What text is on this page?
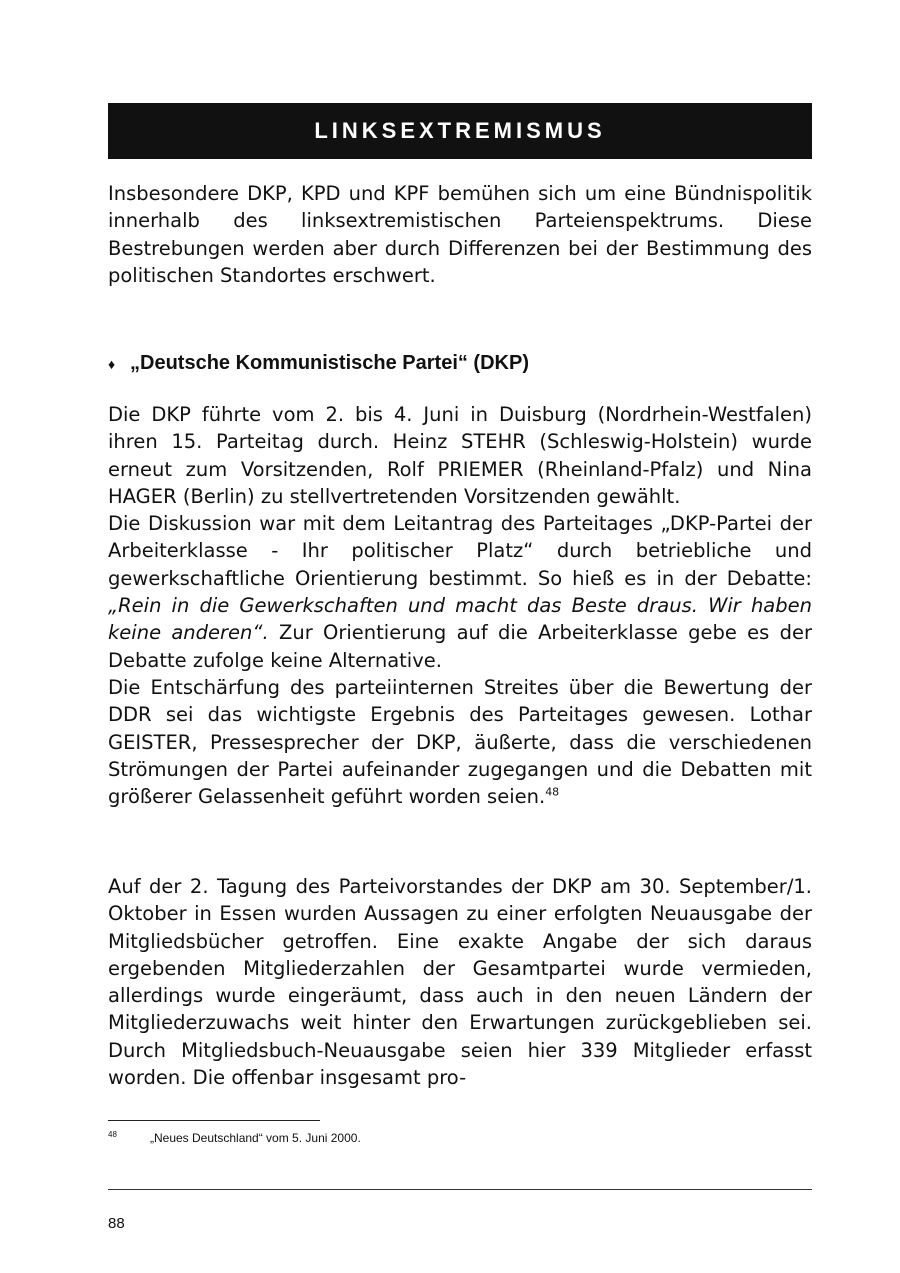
LINKSEXTREMISMUS

Insbesondere DKP, KPD und KPF bemühen sich um eine Bündnispolitik innerhalb des linksextremistischen Parteienspektrums. Diese Bestrebungen werden aber durch Differenzen bei der Bestimmung des politischen Standortes erschwert.

♦ „Deutsche Kommunistische Partei“ (DKP)

Die DKP führte vom 2. bis 4. Juni in Duisburg (Nordrhein-Westfalen) ihren 15. Parteitag durch. Heinz STEHR (Schleswig-Holstein) wurde erneut zum Vorsitzenden, Rolf PRIEMER (Rheinland-Pfalz) und Nina HAGER (Berlin) zu stellvertretenden Vorsitzenden gewählt.

Die Diskussion war mit dem Leitantrag des Parteitages „DKP-Partei der Arbeiterklasse - Ihr politischer Platz“ durch betriebliche und gewerkschaftliche Orientierung bestimmt. So hieß es in der Debatte: „Rein in die Gewerkschaften und macht das Beste draus. Wir haben keine anderen“. Zur Orientierung auf die Arbeiterklasse gebe es der Debatte zufolge keine Alternative.

Die Entschärfung des parteiinternen Streites über die Bewertung der DDR sei das wichtigste Ergebnis des Parteitages gewesen. Lothar GEISTER, Pressesprecher der DKP, äußerte, dass die verschiedenen Strömungen der Partei aufeinander zugegangen und die Debatten mit größerer Gelassenheit geführt worden seien.$^{48}$

Auf der 2. Tagung des Parteivorstandes der DKP am 30. September/1. Oktober in Essen wurden Aussagen zu einer erfolgten Neuausgabe der Mitgliedsbücher getroffen. Eine exakte Angabe der sich daraus ergebenden Mitgliederzahlen der Gesamtpartei wurde vermieden, allerdings wurde eingeräumt, dass auch in den neuen Ländern der Mitgliederzuwachs weit hinter den Erwartungen zurückgeblieben sei. Durch Mitgliedsbuch-Neuausgabe seien hier 339 Mitglieder erfasst worden. Die offenbar insgesamt pro-

48	„Neues Deutschland“ vom 5. Juni 2000.
88
